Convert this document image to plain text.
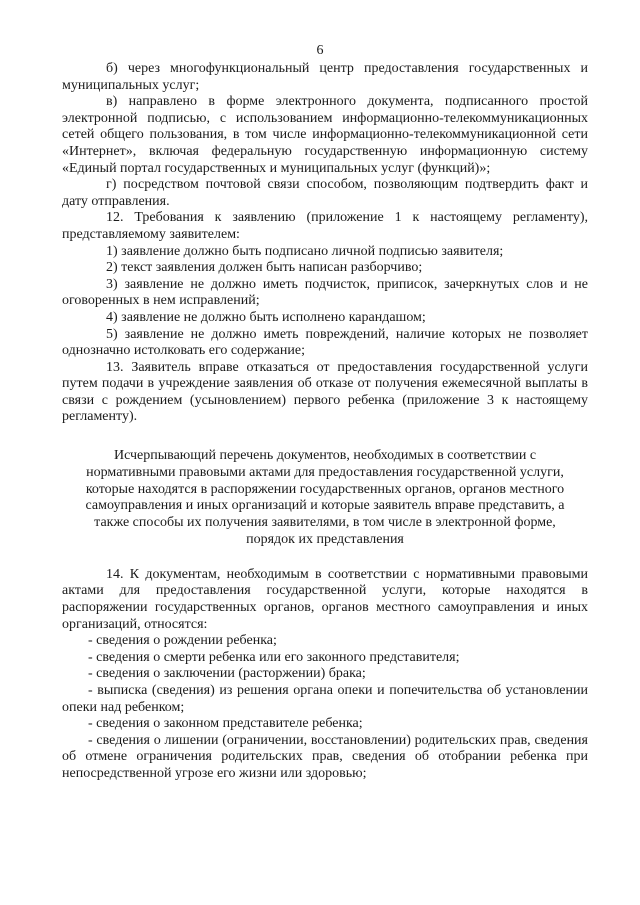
6

б) через многофункциональный центр предоставления государственных и муниципальных услуг;

в) направлено в форме электронного документа, подписанного простой электронной подписью, с использованием информационно-телекоммуникационных сетей общего пользования, в том числе информационно-телекоммуникационной сети «Интернет», включая федеральную государственную информационную систему «Единый портал государственных и муниципальных услуг (функций)»;

г) посредством почтовой связи способом, позволяющим подтвердить факт и дату отправления.

12. Требования к заявлению (приложение 1 к настоящему регламенту), представляемому заявителем:

1) заявление должно быть подписано личной подписью заявителя;

2) текст заявления должен быть написан разборчиво;

3) заявление не должно иметь подчисток, приписок, зачеркнутых слов и не оговоренных в нем исправлений;

4) заявление не должно быть исполнено карандашом;

5) заявление не должно иметь повреждений, наличие которых не позволяет однозначно истолковать его содержание;

13. Заявитель вправе отказаться от предоставления государственной услуги путем подачи в учреждение заявления об отказе от получения ежемесячной выплаты в связи с рождением (усыновлением) первого ребенка (приложение 3 к настоящему регламенту).

Исчерпывающий перечень документов, необходимых в соответствии с
нормативными правовыми актами для предоставления государственной услуги,
которые находятся в распоряжении государственных органов, органов местного
самоуправления и иных организаций и которые заявитель вправе представить, а
также способы их получения заявителями, в том числе в электронной форме,
порядок их представления

14. К документам, необходимым в соответствии с нормативными правовыми актами для предоставления государственной услуги, которые находятся в распоряжении государственных органов, органов местного самоуправления и иных организаций, относятся:

- сведения о рождении ребенка;

- сведения о смерти ребенка или его законного представителя;

- сведения о заключении (расторжении) брака;

- выписка (сведения) из решения органа опеки и попечительства об установлении опеки над ребенком;

- сведения о законном представителе ребенка;

- сведения о лишении (ограничении, восстановлении) родительских прав, сведения об отмене ограничения родительских прав, сведения об отобрании ребенка при непосредственной угрозе его жизни или здоровью;
